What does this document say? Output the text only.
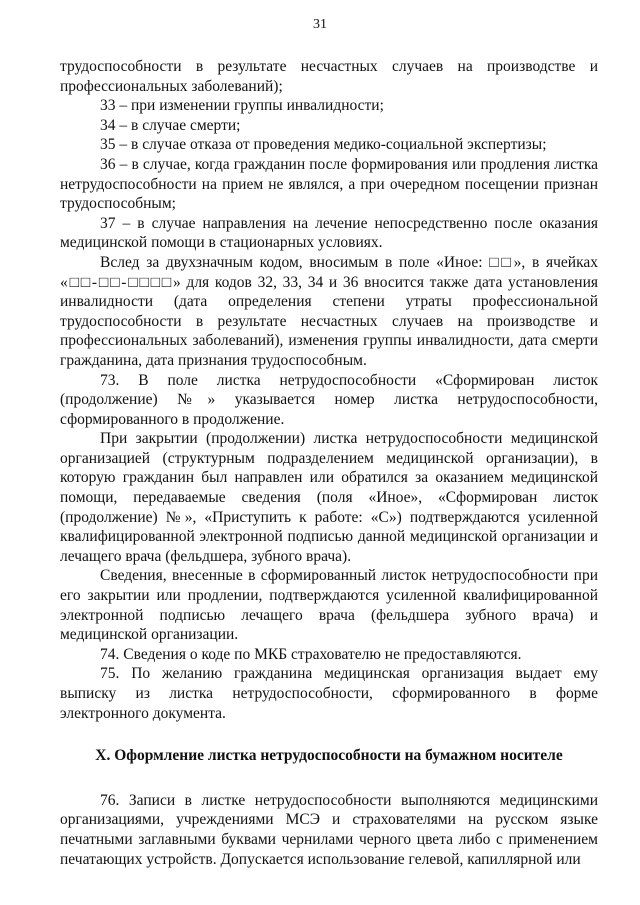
31

трудоспособности в результате несчастных случаев на производстве и профессиональных заболеваний);

33 – при изменении группы инвалидности;

34 – в случае смерти;

35 – в случае отказа от проведения медико-социальной экспертизы;

36 – в случае, когда гражданин после формирования или продления листка нетрудоспособности на прием не являлся, а при очередном посещении признан трудоспособным;

37 – в случае направления на лечение непосредственно после оказания медицинской помощи в стационарных условиях.

Вслед за двухзначным кодом, вносимым в поле «Иное: □□», в ячейках «□□-□□-□□□□» для кодов 32, 33, 34 и 36 вносится также дата установления инвалидности (дата определения степени утраты профессиональной трудоспособности в результате несчастных случаев на производстве и профессиональных заболеваний), изменения группы инвалидности, дата смерти гражданина, дата признания трудоспособным.

73. В поле листка нетрудоспособности «Сформирован листок (продолжение) №» указывается номер листка нетрудоспособности, сформированного в продолжение.

При закрытии (продолжении) листка нетрудоспособности медицинской организацией (структурным подразделением медицинской организации), в которую гражданин был направлен или обратился за оказанием медицинской помощи, передаваемые сведения (поля «Иное», «Сформирован листок (продолжение) №», «Приступить к работе: «С») подтверждаются усиленной квалифицированной электронной подписью данной медицинской организации и лечащего врача (фельдшера, зубного врача).

Сведения, внесенные в сформированный листок нетрудоспособности при его закрытии или продлении, подтверждаются усиленной квалифицированной электронной подписью лечащего врача (фельдшера зубного врача) и медицинской организации.

74. Сведения о коде по МКБ страхователю не предоставляются.

75. По желанию гражданина медицинская организация выдает ему выписку из листка нетрудоспособности, сформированного в форме электронного документа.

X. Оформление листка нетрудоспособности на бумажном носителе

76. Записи в листке нетрудоспособности выполняются медицинскими организациями, учреждениями МСЭ и страхователями на русском языке печатными заглавными буквами чернилами черного цвета либо с применением печатающих устройств. Допускается использование гелевой, капиллярной или
